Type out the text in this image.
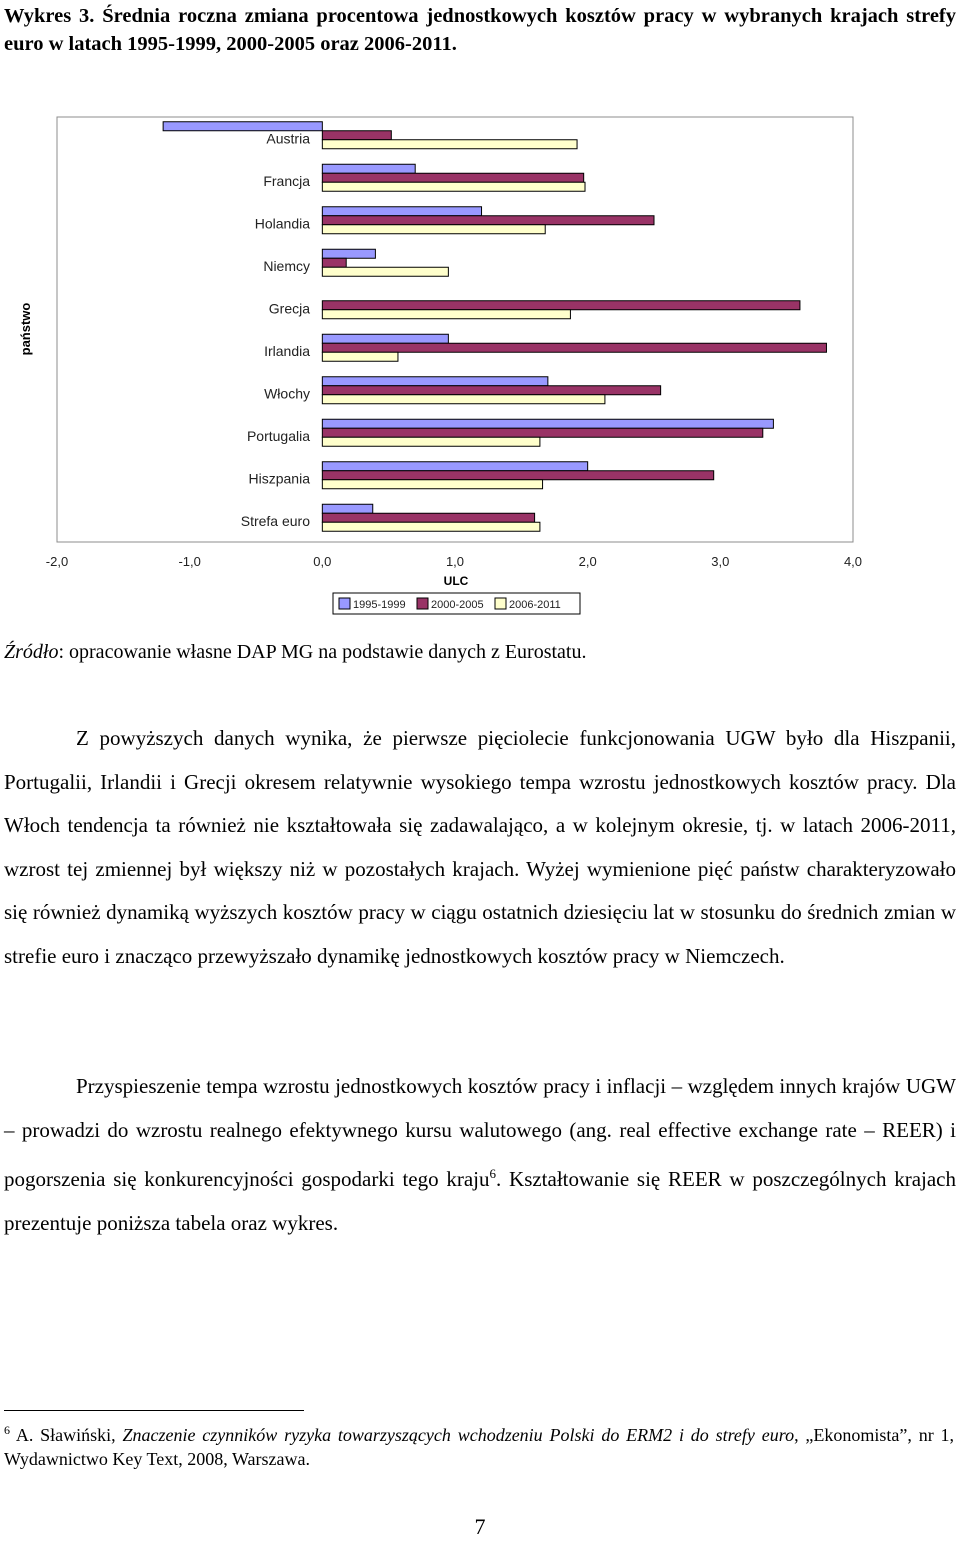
Wykres 3. Średnia roczna zmiana procentowa jednostkowych kosztów pracy w wybranych krajach strefy euro w latach 1995-1999, 2000-2005 oraz 2006-2011.
Austria
Francja
Holandia
Niemcy
Grecja
Irlandia
Włochy
Portugalia
Hiszpania
Strefa euro
-2,0	-1,0	0,0	1,0	2,0	3,0	4,0
państwo
ULC
1995-1999 2000-2005 2006-2011
Źródło: opracowanie własne DAP MG na podstawie danych z Eurostatu.

Z powyższych danych wynika, że pierwsze pięciolecie funkcjonowania UGW było dla Hiszpanii, Portugalii, Irlandii i Grecji okresem relatywnie wysokiego tempa wzrostu jednostkowych kosztów pracy. Dla Włoch tendencja ta również nie kształtowała się zadawalająco, a w kolejnym okresie, tj. w latach 2006-2011, wzrost tej zmiennej był większy niż w pozostałych krajach. Wyżej wymienione pięć państw charakteryzowało się również dynamiką wyższych kosztów pracy w ciągu ostatnich dziesięciu lat w stosunku do średnich zmian w strefie euro i znacząco przewyższało dynamikę jednostkowych kosztów pracy w Niemczech.

Przyspieszenie tempa wzrostu jednostkowych kosztów pracy i inflacji – względem innych krajów UGW – prowadzi do wzrostu realnego efektywnego kursu walutowego (ang. real effective exchange rate – REER) i pogorszenia się konkurencyjności gospodarki tego kraju$^6$. Kształtowanie się REER w poszczególnych krajach prezentuje poniższa tabela oraz wykres.

$^6$ A. Sławiński, Znaczenie czynników ryzyka towarzyszących wchodzeniu Polski do ERM2 i do strefy euro, „Ekonomista”, nr 1, Wydawnictwo Key Text, 2008, Warszawa.
7
